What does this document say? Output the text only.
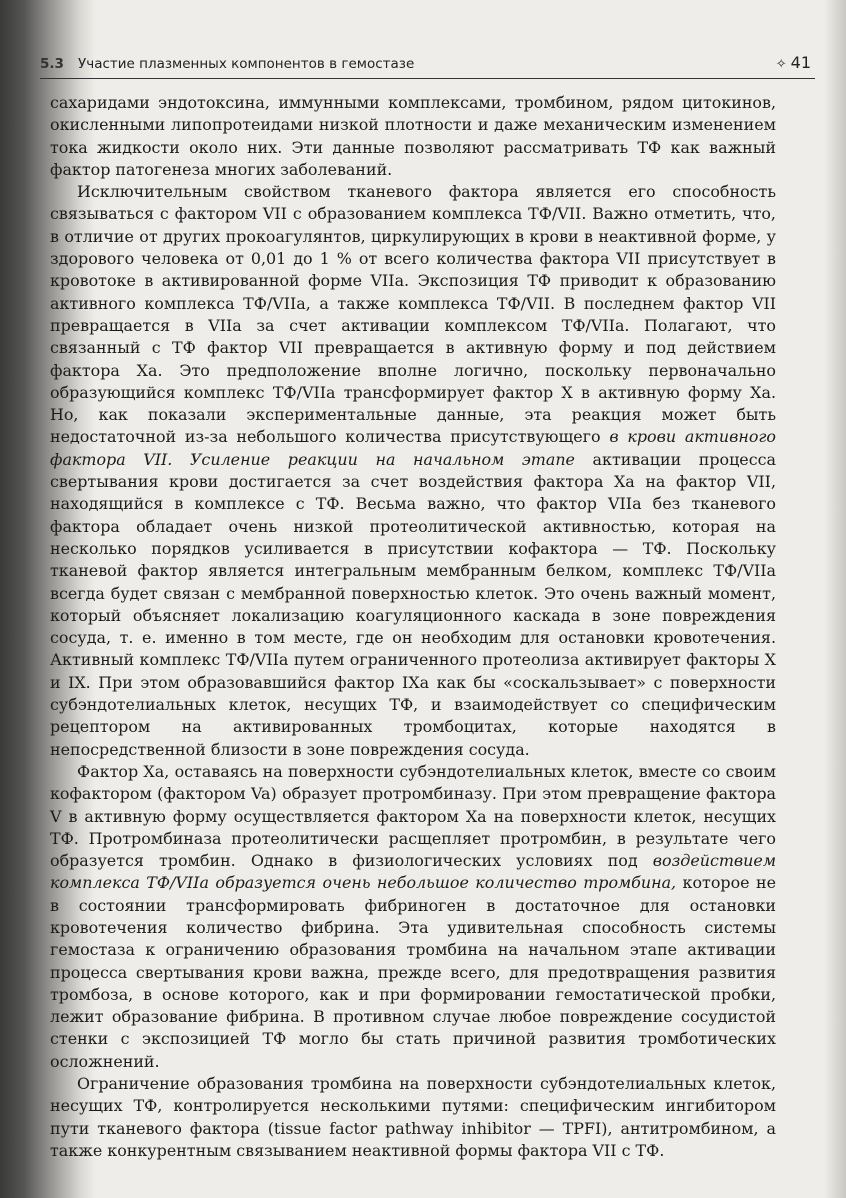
5.3 Участие плазменных компонентов в гемостазе	✧ 41

сахаридами эндотоксина, иммунными комплексами, тромбином, рядом цитокинов, окисленными липопротеидами низкой плотности и даже механическим изменением тока жидкости около них. Эти данные позволяют рассматривать ТФ как важный фактор патогенеза многих заболеваний.

Исключительным свойством тканевого фактора является его способность связываться с фактором VII с образованием комплекса ТФ/VII. Важно отметить, что, в отличие от других прокоагулянтов, циркулирующих в крови в неактивной форме, у здорового человека от 0,01 до 1 % от всего количества фактора VII присутствует в кровотоке в активированной форме VIIa. Экспозиция ТФ приводит к образованию активного комплекса ТФ/VIIa, а также комплекса ТФ/VII. В последнем фактор VII превращается в VIIa за счет активации комплексом ТФ/VIIa. Полагают, что связанный с ТФ фактор VII превращается в активную форму и под действием фактора Xa. Это предположение вполне логично, поскольку первоначально образующийся комплекс ТФ/VIIa трансформирует фактор X в активную форму Xa. Но, как показали экспериментальные данные, эта реакция может быть недостаточной из-за небольшого количества присутствующего в крови активного фактора VII. Усиление реакции на начальном этапе активации процесса свертывания крови достигается за счет воздействия фактора Xa на фактор VII, находящийся в комплексе с ТФ. Весьма важно, что фактор VIIa без тканевого фактора обладает очень низкой протеолитической активностью, которая на несколько порядков усиливается в присутствии кофактора — ТФ. Поскольку тканевой фактор является интегральным мембранным белком, комплекс ТФ/VIIa всегда будет связан с мембранной поверхностью клеток. Это очень важный момент, который объясняет локализацию коагуляционного каскада в зоне повреждения сосуда, т. е. именно в том месте, где он необходим для остановки кровотечения. Активный комплекс ТФ/VIIa путем ограниченного протеолиза активирует факторы X и IX. При этом образовавшийся фактор IXa как бы «соскальзывает» с поверхности субэндотелиальных клеток, несущих ТФ, и взаимодействует со специфическим рецептором на активированных тромбоцитах, которые находятся в непосредственной близости в зоне повреждения сосуда.

Фактор Xa, оставаясь на поверхности субэндотелиальных клеток, вместе со своим кофактором (фактором Va) образует протромбиназу. При этом превращение фактора V в активную форму осуществляется фактором Xa на поверхности клеток, несущих ТФ. Протромбиназа протеолитически расщепляет протромбин, в результате чего образуется тромбин. Однако в физиологических условиях под воздействием комплекса ТФ/VIIa образуется очень небольшое количество тромбина, которое не в состоянии трансформировать фибриноген в достаточное для остановки кровотечения количество фибрина. Эта удивительная способность системы гемостаза к ограничению образования тромбина на начальном этапе активации процесса свертывания крови важна, прежде всего, для предотвращения развития тромбоза, в основе которого, как и при формировании гемостатической пробки, лежит образование фибрина. В противном случае любое повреждение сосудистой стенки с экспозицией ТФ могло бы стать причиной развития тромботических осложнений.

Ограничение образования тромбина на поверхности субэндотелиальных клеток, несущих ТФ, контролируется несколькими путями: специфическим ингибитором пути тканевого фактора (tissue factor pathway inhibitor — TPFI), антитромбином, а также конкурентным связыванием неактивной формы фактора VII с ТФ.
